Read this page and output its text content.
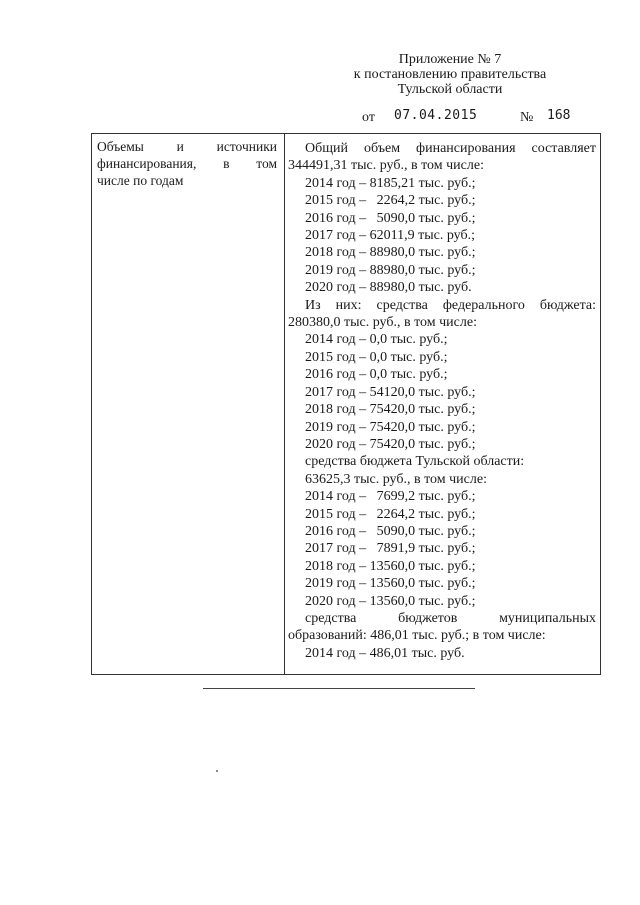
Приложение № 7
к постановлению правительства
Тульской области
от 07.04.2015	№ 168
Объемы и источники
финансирования, в том
числе по годам
Общий объем финансирования составляет
344491,31 тыс. руб., в том числе:
2014 год – 8185,21 тыс. руб.;
2015 год –   2264,2 тыс. руб.;
2016 год –   5090,0 тыс. руб.;
2017 год – 62011,9 тыс. руб.;
2018 год – 88980,0 тыс. руб.;
2019 год – 88980,0 тыс. руб.;
2020 год – 88980,0 тыс. руб.
Из них: средства федерального бюджета:
280380,0 тыс. руб., в том числе:
2014 год – 0,0 тыс. руб.;
2015 год – 0,0 тыс. руб.;
2016 год – 0,0 тыс. руб.;
2017 год – 54120,0 тыс. руб.;
2018 год – 75420,0 тыс. руб.;
2019 год – 75420,0 тыс. руб.;
2020 год – 75420,0 тыс. руб.;
средства бюджета Тульской области:
63625,3 тыс. руб., в том числе:
2014 год –   7699,2 тыс. руб.;
2015 год –   2264,2 тыс. руб.;
2016 год –   5090,0 тыс. руб.;
2017 год –   7891,9 тыс. руб.;
2018 год – 13560,0 тыс. руб.;
2019 год – 13560,0 тыс. руб.;
2020 год – 13560,0 тыс. руб.;
средства бюджетов муниципальных
образований: 486,01 тыс. руб.; в том числе:
2014 год – 486,01 тыс. руб.
